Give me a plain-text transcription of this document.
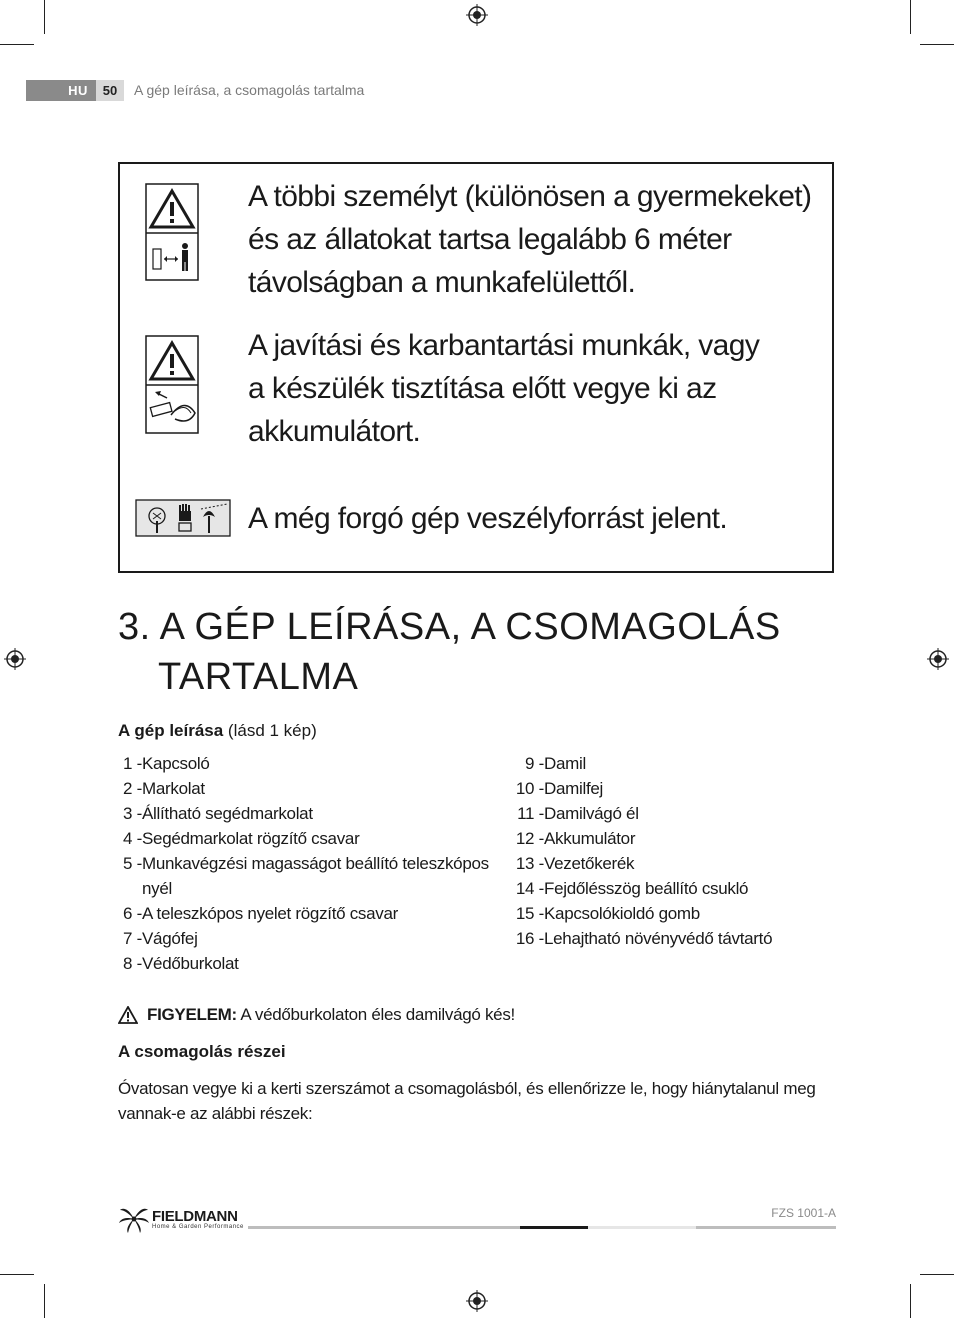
HU	50	A gép leírása, a csomagolás tartalma
A többi személyt (különösen a gyermekeket)
és az állatokat tartsa legalább 6 méter
távolságban a munkafelülettől.
A javítási és karbantartási munkák, vagy
a készülék tisztítása előtt vegye ki az
akkumulátort.
A még forgó gép veszélyforrást jelent.
3. A GÉP LEÍRÁSA, A CSOMAGOLÁS
TARTALMA
A gép leírása (lásd 1 kép)
1 - Kapcsoló
2 - Markolat
3 - Állítható segédmarkolat
4 - Segédmarkolat rögzítő csavar
5 - Munkavégzési magasságot beállító teleszkópos
nyél
6 - A teleszkópos nyelet rögzítő csavar
7 - Vágófej
8 - Védőburkolat
9 - Damil
10 - Damilfej
11 - Damilvágó él
12 - Akkumulátor
13 - Vezetőkerék
14 - Fejdőlésszög beállító csukló
15 - Kapcsolókioldó gomb
16 - Lehajtható növényvédő távtartó
FIGYELEM: A védőburkolaton éles damilvágó kés!
A csomagolás részei
Óvatosan vegye ki a kerti szerszámot a csomagolásból, és ellenőrizze le, hogy hiánytalanul meg vannak-e az alábbi részek:
FIELDMANN
Home & Garden Performance
FZS 1001-A
